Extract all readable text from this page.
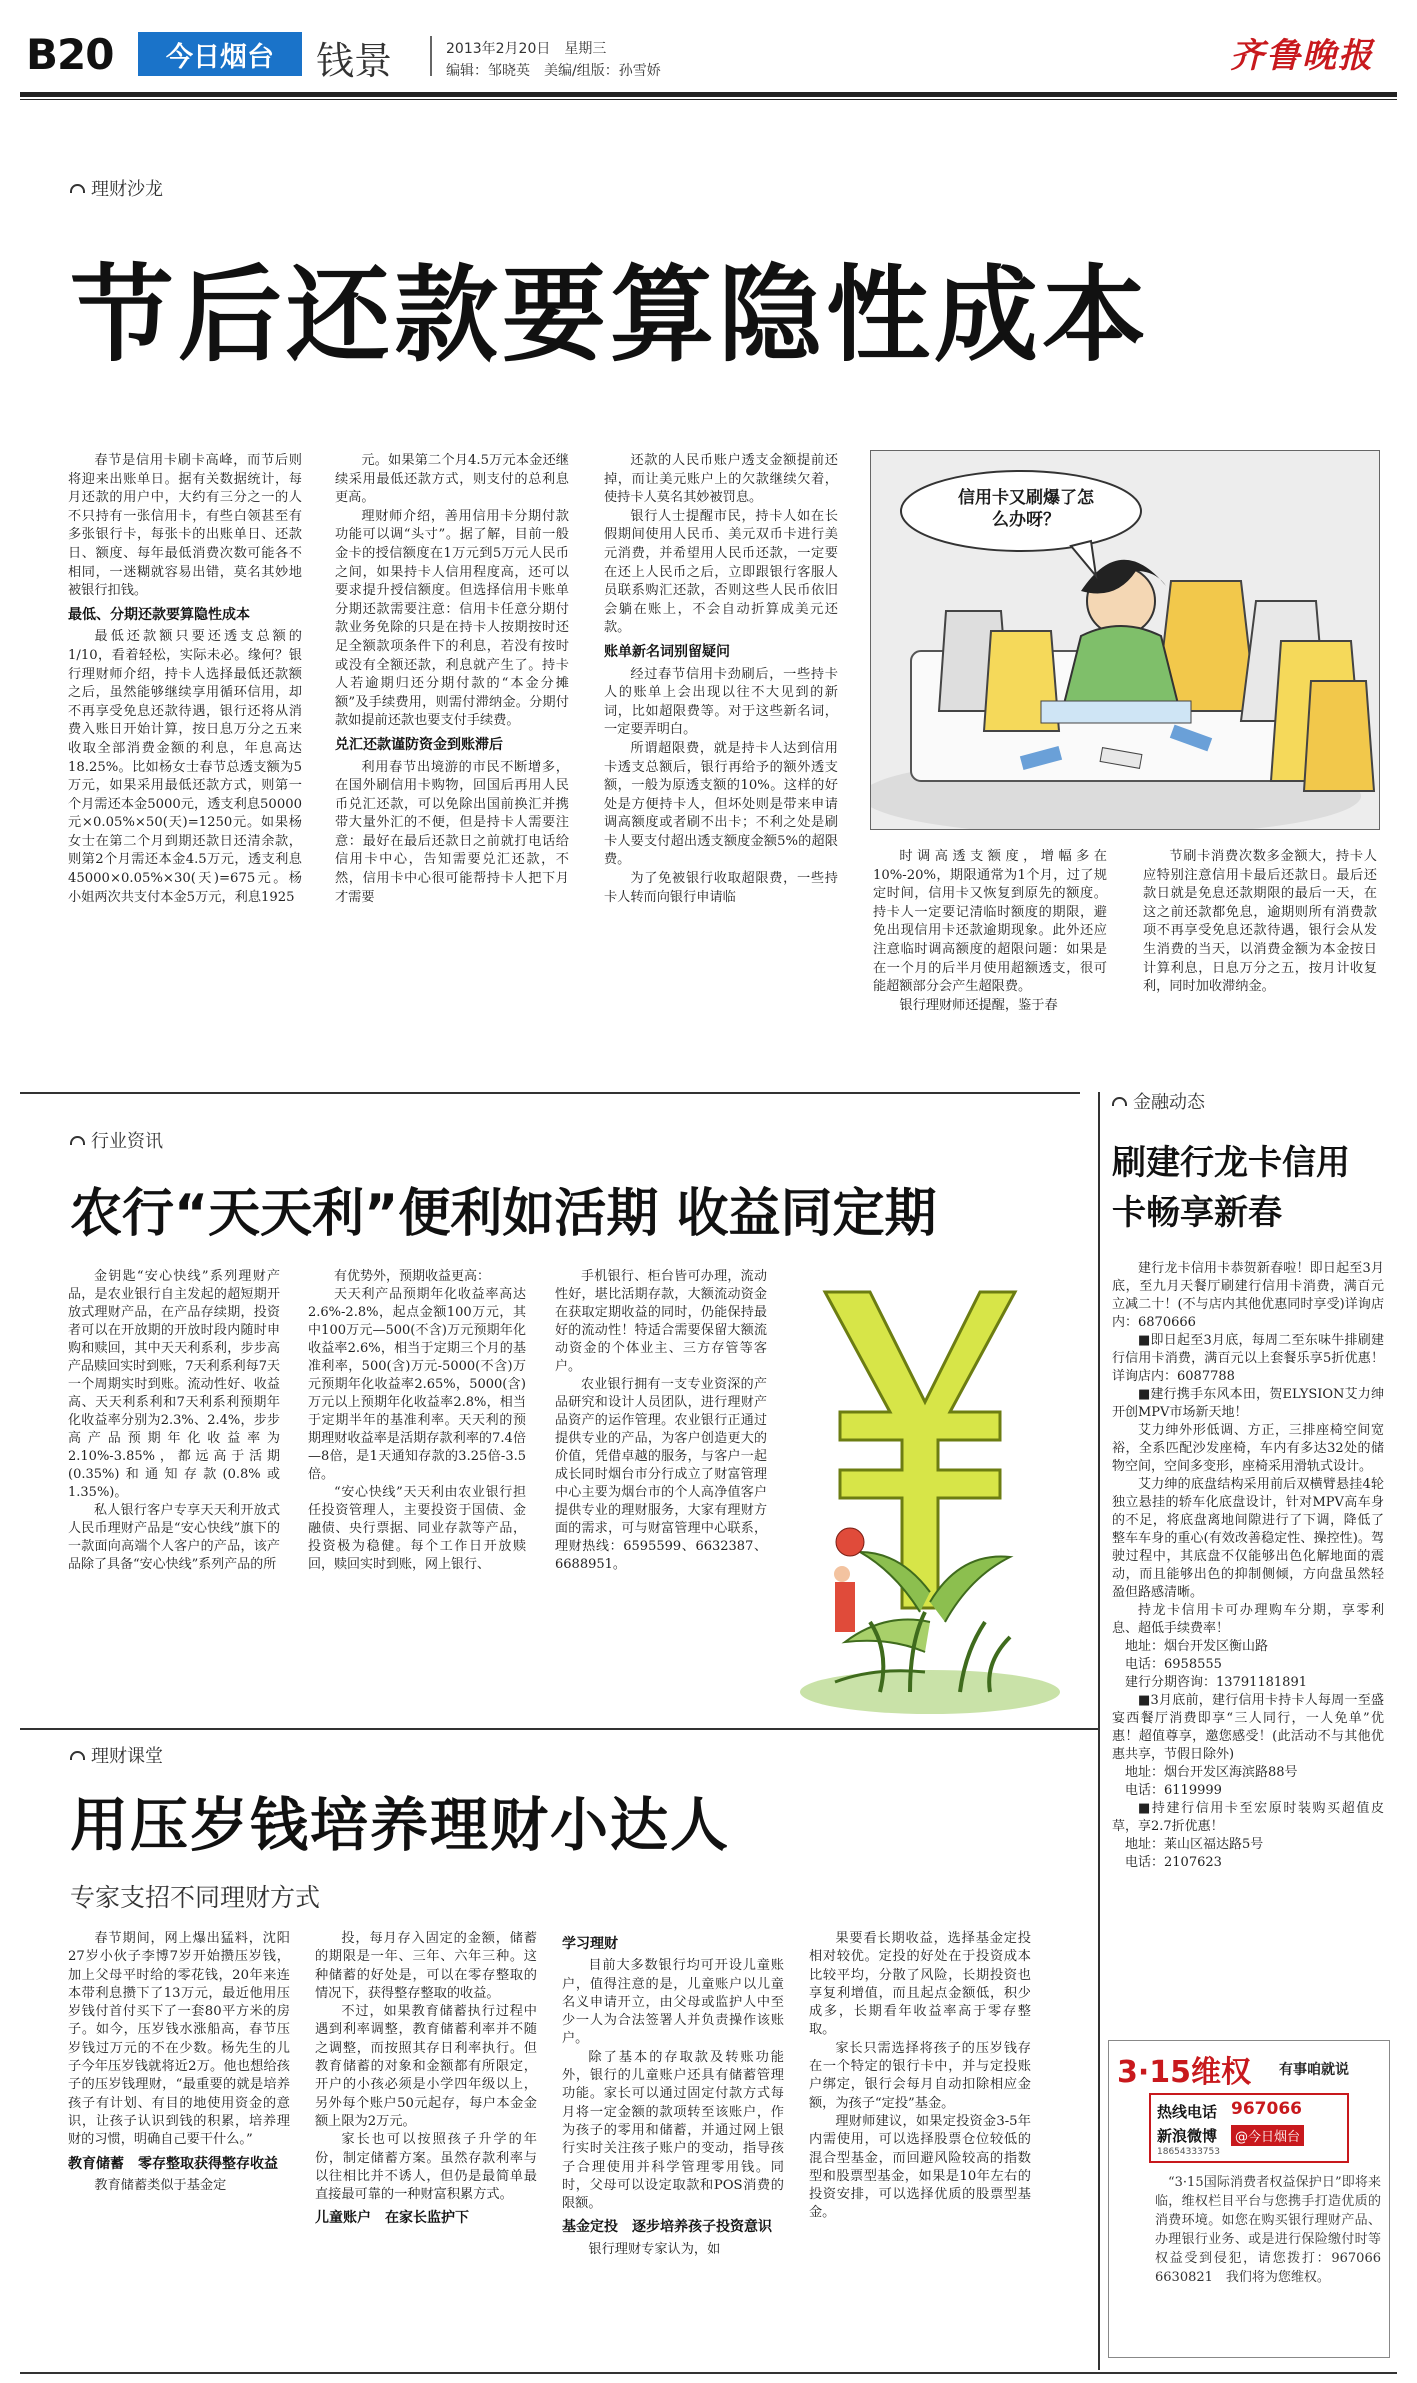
B20 今日烟台 钱景	2013年2月20日　星期三
编辑：邹晓英　美编/组版：孙雪娇	齐鲁晚报
理财沙龙
节后还款要算隐性成本

春节是信用卡刷卡高峰，而节后则将迎来出账单日。据有关数据统计，每月还款的用户中，大约有三分之一的人不只持有一张信用卡，有些白领甚至有多张银行卡，每张卡的出账单日、还款日、额度、每年最低消费次数可能各不相同，一迷糊就容易出错，莫名其妙地被银行扣钱。

最低、分期还款要算隐性成本

最低还款额只要还透支总额的1/10，看着轻松，实际未必。缘何？银行理财师介绍，持卡人选择最低还款额之后，虽然能够继续享用循环信用，却不再享受免息还款待遇，银行还将从消费入账日开始计算，按日息万分之五来收取全部消费金额的利息，年息高达18.25%。比如杨女士春节总透支额为5万元，如果采用最低还款方式，则第一个月需还本金5000元，透支利息50000元×0.05%×50(天)=1250元。如果杨女士在第二个月到期还款日还清余款，则第2个月需还本金4.5万元，透支利息45000×0.05%×30(天)=675元。杨小姐两次共支付本金5万元，利息1925

元。如果第二个月4.5万元本金还继续采用最低还款方式，则支付的总利息更高。

理财师介绍，善用信用卡分期付款功能可以调“头寸”。据了解，目前一般金卡的授信额度在1万元到5万元人民币之间，如果持卡人信用程度高，还可以要求提升授信额度。但选择信用卡账单分期还款需要注意：信用卡任意分期付款业务免除的只是在持卡人按期按时还足全额款项条件下的利息，若没有按时或没有全额还款，利息就产生了。持卡人若逾期归还分期付款的“本金分摊额”及手续费用，则需付滞纳金。分期付款如提前还款也要支付手续费。

兑汇还款谨防资金到账滞后

利用春节出境游的市民不断增多，在国外刷信用卡购物，回国后再用人民币兑汇还款，可以免除出国前换汇并携带大量外汇的不便，但是持卡人需要注意：最好在最后还款日之前就打电话给信用卡中心，告知需要兑汇还款，不然，信用卡中心很可能帮持卡人把下月才需要

还款的人民币账户透支金额提前还掉，而让美元账户上的欠款继续欠着，使持卡人莫名其妙被罚息。

银行人士提醒市民，持卡人如在长假期间使用人民币、美元双币卡进行美元消费，并希望用人民币还款，一定要在还上人民币之后，立即跟银行客服人员联系购汇还款，否则这些人民币依旧会躺在账上，不会自动折算成美元还款。

账单新名词别留疑问

经过春节信用卡劲刷后，一些持卡人的账单上会出现以往不大见到的新词，比如超限费等。对于这些新名词，一定要弄明白。

所谓超限费，就是持卡人达到信用卡透支总额后，银行再给予的额外透支额，一般为原透支额的10%。这样的好处是方便持卡人，但坏处则是带来申请调高额度或者刷不出卡；不利之处是刷卡人要支付超出透支额度金额5%的超限费。

为了免被银行收取超限费，一些持卡人转而向银行申请临

时调高透支额度，增幅多在10%-20%，期限通常为1个月，过了规定时间，信用卡又恢复到原先的额度。持卡人一定要记清临时额度的期限，避免出现信用卡还款逾期现象。此外还应注意临时调高额度的超限问题：如果是在一个月的后半月使用超额透支，很可能超额部分会产生超限费。

银行理财师还提醒，鉴于春

节刷卡消费次数多金额大，持卡人应特别注意信用卡最后还款日。最后还款日就是免息还款期限的最后一天，在这之前还款都免息，逾期则所有消费款项不再享受免息还款待遇，银行会从发生消费的当天，以消费金额为本金按日计算利息，日息万分之五，按月计收复利，同时加收滞纳金。

信用卡又刷爆了怎么办呀？
金融动态
刷建行龙卡信用卡畅享新春

建行龙卡信用卡恭贺新春啦！即日起至3月底，至九月天餐厅刷建行信用卡消费，满百元立减二十！(不与店内其他优惠同时享受)详询店内：6870666

■即日起至3月底，每周二至东味牛排刷建行信用卡消费，满百元以上套餐乐享5折优惠！详询店内：6087788

■建行携手东风本田，贺ELYSION艾力绅开创MPV市场新天地！

艾力绅外形低调、方正，三排座椅空间宽裕，全系匹配沙发座椅，车内有多达32处的储物空间，空间多变形，座椅采用滑轨式设计。

艾力绅的底盘结构采用前后双横臂悬挂4轮独立悬挂的轿车化底盘设计，针对MPV高车身的不足，将底盘离地间隙进行了下调，降低了整车车身的重心(有效改善稳定性、操控性)。驾驶过程中，其底盘不仅能够出色化解地面的震动，而且能够出色的抑制侧倾，方向盘虽然轻盈但路感清晰。

持龙卡信用卡可办理购车分期，享零利息、超低手续费率！

地址：烟台开发区衡山路

电话：6958555

建行分期咨询：13791181891

■3月底前，建行信用卡持卡人每周一至盛宴西餐厅消费即享“三人同行，一人免单”优惠！超值尊享，邀您感受！(此活动不与其他优惠共享，节假日除外)

地址：烟台开发区海滨路88号

电话：6119999

■持建行信用卡至宏原时装购买超值皮草，享2.7折优惠！

地址：莱山区福达路5号

电话：2107623

3·15维权 有事咱就说
热线电话 967066
新浪微博	@今日烟台
18654333753
“3·15国际消费者权益保护日”即将来临，维权栏目平台与您携手打造优质的消费环境。如您在购买银行理财产品、办理银行业务、或是进行保险缴付时等权益受到侵犯，请您拨打：967066 6630821　我们将为您维权。
行业资讯
农行“天天利”便利如活期 收益同定期

金钥匙“安心快线”系列理财产品，是农业银行自主发起的超短期开放式理财产品，在产品存续期，投资者可以在开放期的开放时段内随时申购和赎回，其中天天利系利，步步高产品赎回实时到账，7天利系利每7天一个周期实时到账。流动性好、收益高、天天利系利和7天利系利预期年化收益率分别为2.3%、2.4%，步步高产品预期年化收益率为2.10%-3.85%，都远高于活期(0.35%)和通知存款(0.8%或1.35%)。

私人银行客户专享天天利开放式人民币理财产品是“安心快线”旗下的一款面向高端个人客户的产品，该产品除了具备“安心快线”系列产品的所

有优势外，预期收益更高：

天天利产品预期年化收益率高达2.6%-2.8%，起点金额100万元，其中100万元—500(不含)万元预期年化收益率2.6%，相当于定期三个月的基准利率，500(含)万元-5000(不含)万元预期年化收益率2.65%，5000(含)万元以上预期年化收益率2.8%，相当于定期半年的基准利率。天天利的预期理财收益率是活期存款利率的7.4倍—8倍，是1天通知存款的3.25倍-3.5倍。

“安心快线”天天利由农业银行担任投资管理人，主要投资于国债、金融债、央行票据、同业存款等产品，投资极为稳健。每个工作日开放赎回，赎回实时到账，网上银行、

手机银行、柜台皆可办理，流动性好，堪比活期存款，大额流动资金在获取定期收益的同时，仍能保持最好的流动性！特适合需要保留大额流动资金的个体业主、三方存管等客户。

农业银行拥有一支专业资深的产品研究和设计人员团队，进行理财产品资产的运作管理。农业银行正通过提供专业的产品，为客户创造更大的价值，凭借卓越的服务，与客户一起成长同时烟台市分行成立了财富管理中心主要为烟台市的个人高净值客户提供专业的理财服务，大家有理财方面的需求，可与财富管理中心联系，理财热线：6595599、6632387、6688951。

理财课堂
用压岁钱培养理财小达人
专家支招不同理财方式

春节期间，网上爆出猛料，沈阳27岁小伙子李博7岁开始攒压岁钱，加上父母平时给的零花钱，20年来连本带利息攒下了13万元，最近他用压岁钱付首付买下了一套80平方米的房子。如今，压岁钱水涨船高，春节压岁钱过万元的不在少数。杨先生的儿子今年压岁钱就将近2万。他也想给孩子的压岁钱理财，“最重要的就是培养孩子有计划、有目的地使用资金的意识，让孩子认识到钱的积累，培养理财的习惯，明确自己要干什么。”

教育储蓄　零存整取获得整存收益

教育储蓄类似于基金定

投，每月存入固定的金额，储蓄的期限是一年、三年、六年三种。这种储蓄的好处是，可以在零存整取的情况下，获得整存整取的收益。

不过，如果教育储蓄执行过程中遇到利率调整，教育储蓄利率并不随之调整，而按照其存日利率执行。但教育储蓄的对象和金额都有所限定，开户的小孩必须是小学四年级以上，另外每个账户50元起存，每户本金金额上限为2万元。

家长也可以按照孩子升学的年份，制定储蓄方案。虽然存款利率与以往相比并不诱人，但仍是最简单最直接最可靠的一种财富积累方式。

儿童账户　在家长监护下
学习理财

目前大多数银行均可开设儿童账户，值得注意的是，儿童账户以儿童名义申请开立，由父母或监护人中至少一人为合法签署人并负责操作该账户。

除了基本的存取款及转账功能外，银行的儿童账户还具有储蓄管理功能。家长可以通过固定付款方式每月将一定金额的款项转至该账户，作为孩子的零用和储蓄，并通过网上银行实时关注孩子账户的变动，指导孩子合理使用并科学管理零用钱。同时，父母可以设定取款和POS消费的限额。

基金定投　逐步培养孩子投资意识

银行理财专家认为，如

果要看长期收益，选择基金定投相对较优。定投的好处在于投资成本比较平均，分散了风险，长期投资也享复利增值，而且起点金额低，积少成多，长期看年收益率高于零存整取。

家长只需选择将孩子的压岁钱存在一个特定的银行卡中，并与定投账户绑定，银行会每月自动扣除相应金额，为孩子“定投”基金。

理财师建议，如果定投资金3-5年内需使用，可以选择股票仓位较低的混合型基金，而回避风险较高的指数型和股票型基金，如果是10年左右的投资安排，可以选择优质的股票型基金。
